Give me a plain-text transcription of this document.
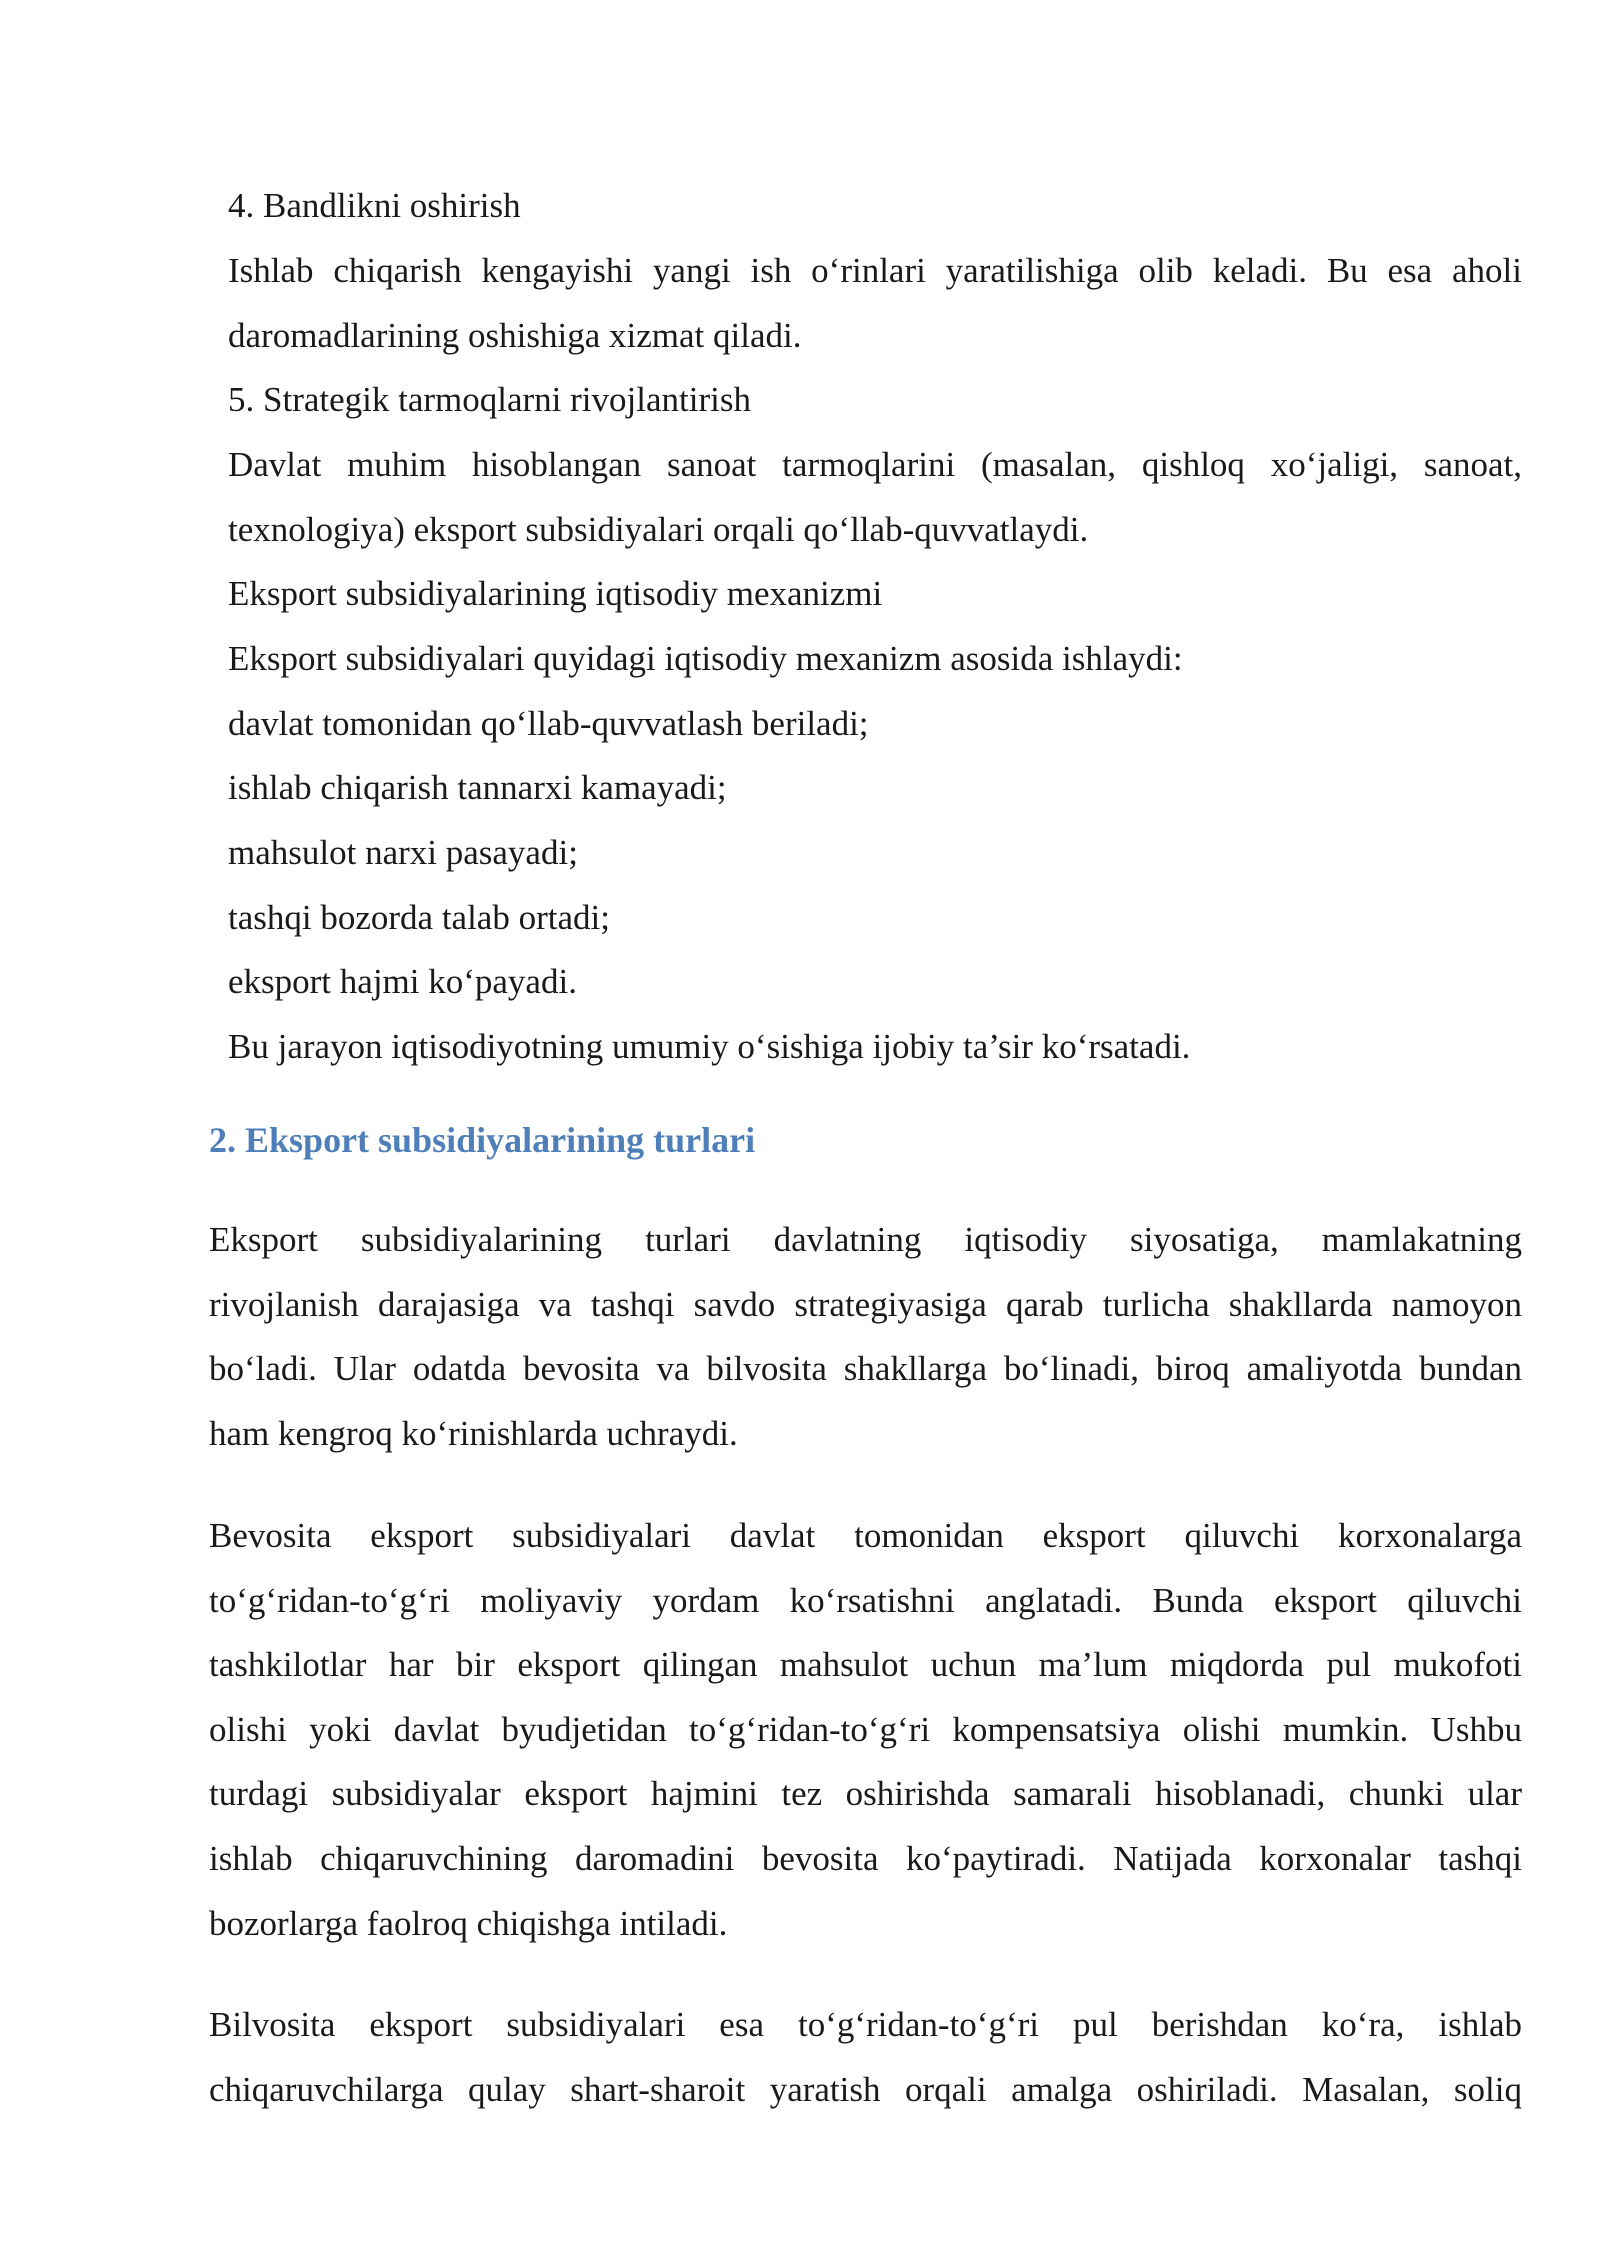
4. Bandlikni oshirish
Ishlab chiqarish kengayishi yangi ish o‘rinlari yaratilishiga olib keladi. Bu esa aholi
daromadlarining oshishiga xizmat qiladi.
5. Strategik tarmoqlarni rivojlantirish
Davlat muhim hisoblangan sanoat tarmoqlarini (masalan, qishloq xo‘jaligi, sanoat,
texnologiya) eksport subsidiyalari orqali qo‘llab-quvvatlaydi.
Eksport subsidiyalarining iqtisodiy mexanizmi
Eksport subsidiyalari quyidagi iqtisodiy mexanizm asosida ishlaydi:
davlat tomonidan qo‘llab-quvvatlash beriladi;
ishlab chiqarish tannarxi kamayadi;
mahsulot narxi pasayadi;
tashqi bozorda talab ortadi;
eksport hajmi ko‘payadi.
Bu jarayon iqtisodiyotning umumiy o‘sishiga ijobiy ta’sir ko‘rsatadi.
2. Eksport subsidiyalarining turlari
Eksport subsidiyalarining turlari davlatning iqtisodiy siyosatiga, mamlakatning
rivojlanish darajasiga va tashqi savdo strategiyasiga qarab turlicha shakllarda namoyon
bo‘ladi. Ular odatda bevosita va bilvosita shakllarga bo‘linadi, biroq amaliyotda bundan
ham kengroq ko‘rinishlarda uchraydi.
Bevosita eksport subsidiyalari davlat tomonidan eksport qiluvchi korxonalarga
to‘g‘ridan-to‘g‘ri moliyaviy yordam ko‘rsatishni anglatadi. Bunda eksport qiluvchi
tashkilotlar har bir eksport qilingan mahsulot uchun ma’lum miqdorda pul mukofoti
olishi yoki davlat byudjetidan to‘g‘ridan-to‘g‘ri kompensatsiya olishi mumkin. Ushbu
turdagi subsidiyalar eksport hajmini tez oshirishda samarali hisoblanadi, chunki ular
ishlab chiqaruvchining daromadini bevosita ko‘paytiradi. Natijada korxonalar tashqi
bozorlarga faolroq chiqishga intiladi.
Bilvosita eksport subsidiyalari esa to‘g‘ridan-to‘g‘ri pul berishdan ko‘ra, ishlab
chiqaruvchilarga qulay shart-sharoit yaratish orqali amalga oshiriladi. Masalan, soliq
